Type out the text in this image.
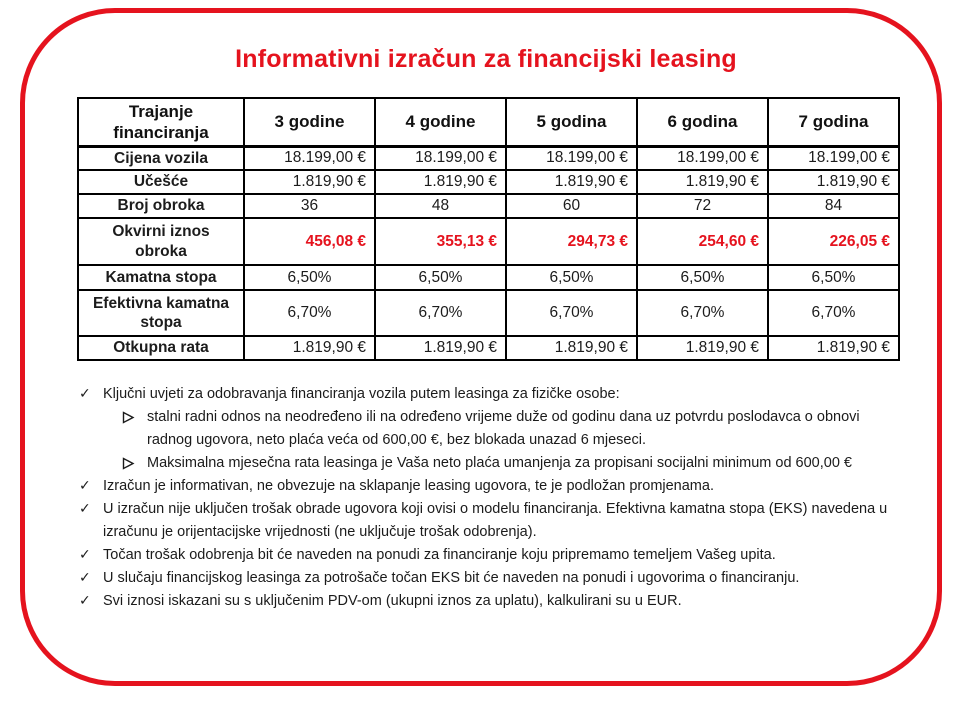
Informativni izračun za financijski leasing
Trajanje financiranja	3 godine	4 godine	5 godina	6 godina	7 godina
Cijena vozila	18.199,00 €	18.199,00 €	18.199,00 €	18.199,00 €	18.199,00 €
Učešće	1.819,90 €	1.819,90 €	1.819,90 €	1.819,90 €	1.819,90 €
Broj obroka	36	48	60	72	84
Okvirni iznos obroka	456,08 €	355,13 €	294,73 €	254,60 €	226,05 €
Kamatna stopa	6,50%	6,50%	6,50%	6,50%	6,50%
Efektivna kamatna stopa	6,70%	6,70%	6,70%	6,70%	6,70%
Otkupna rata	1.819,90 €	1.819,90 €	1.819,90 €	1.819,90 €	1.819,90 €
✓ Ključni uvjeti za odobravanja financiranja vozila putem leasinga za fizičke osobe:
stalni radni odnos na neodređeno ili na određeno vrijeme duže od godinu dana uz potvrdu poslodavca o obnovi radnog ugovora, neto plaća veća od 600,00 €, bez blokada unazad 6 mjeseci.
Maksimalna mjesečna rata leasinga je Vaša neto plaća umanjenja za propisani socijalni minimum od 600,00 €
✓ Izračun je informativan, ne obvezuje na sklapanje leasing ugovora, te je podložan promjenama.
✓ U izračun nije uključen trošak obrade ugovora koji ovisi o modelu financiranja. Efektivna kamatna stopa (EKS) navedena u izračunu je orijentacijske vrijednosti (ne uključuje trošak odobrenja).
✓ Točan trošak odobrenja bit će naveden na ponudi za financiranje koju pripremamo temeljem Vašeg upita.
✓ U slučaju financijskog leasinga za potrošače točan EKS bit će naveden na ponudi i ugovorima o financiranju.
✓ Svi iznosi iskazani su s uključenim PDV-om (ukupni iznos za uplatu), kalkulirani su u EUR.
